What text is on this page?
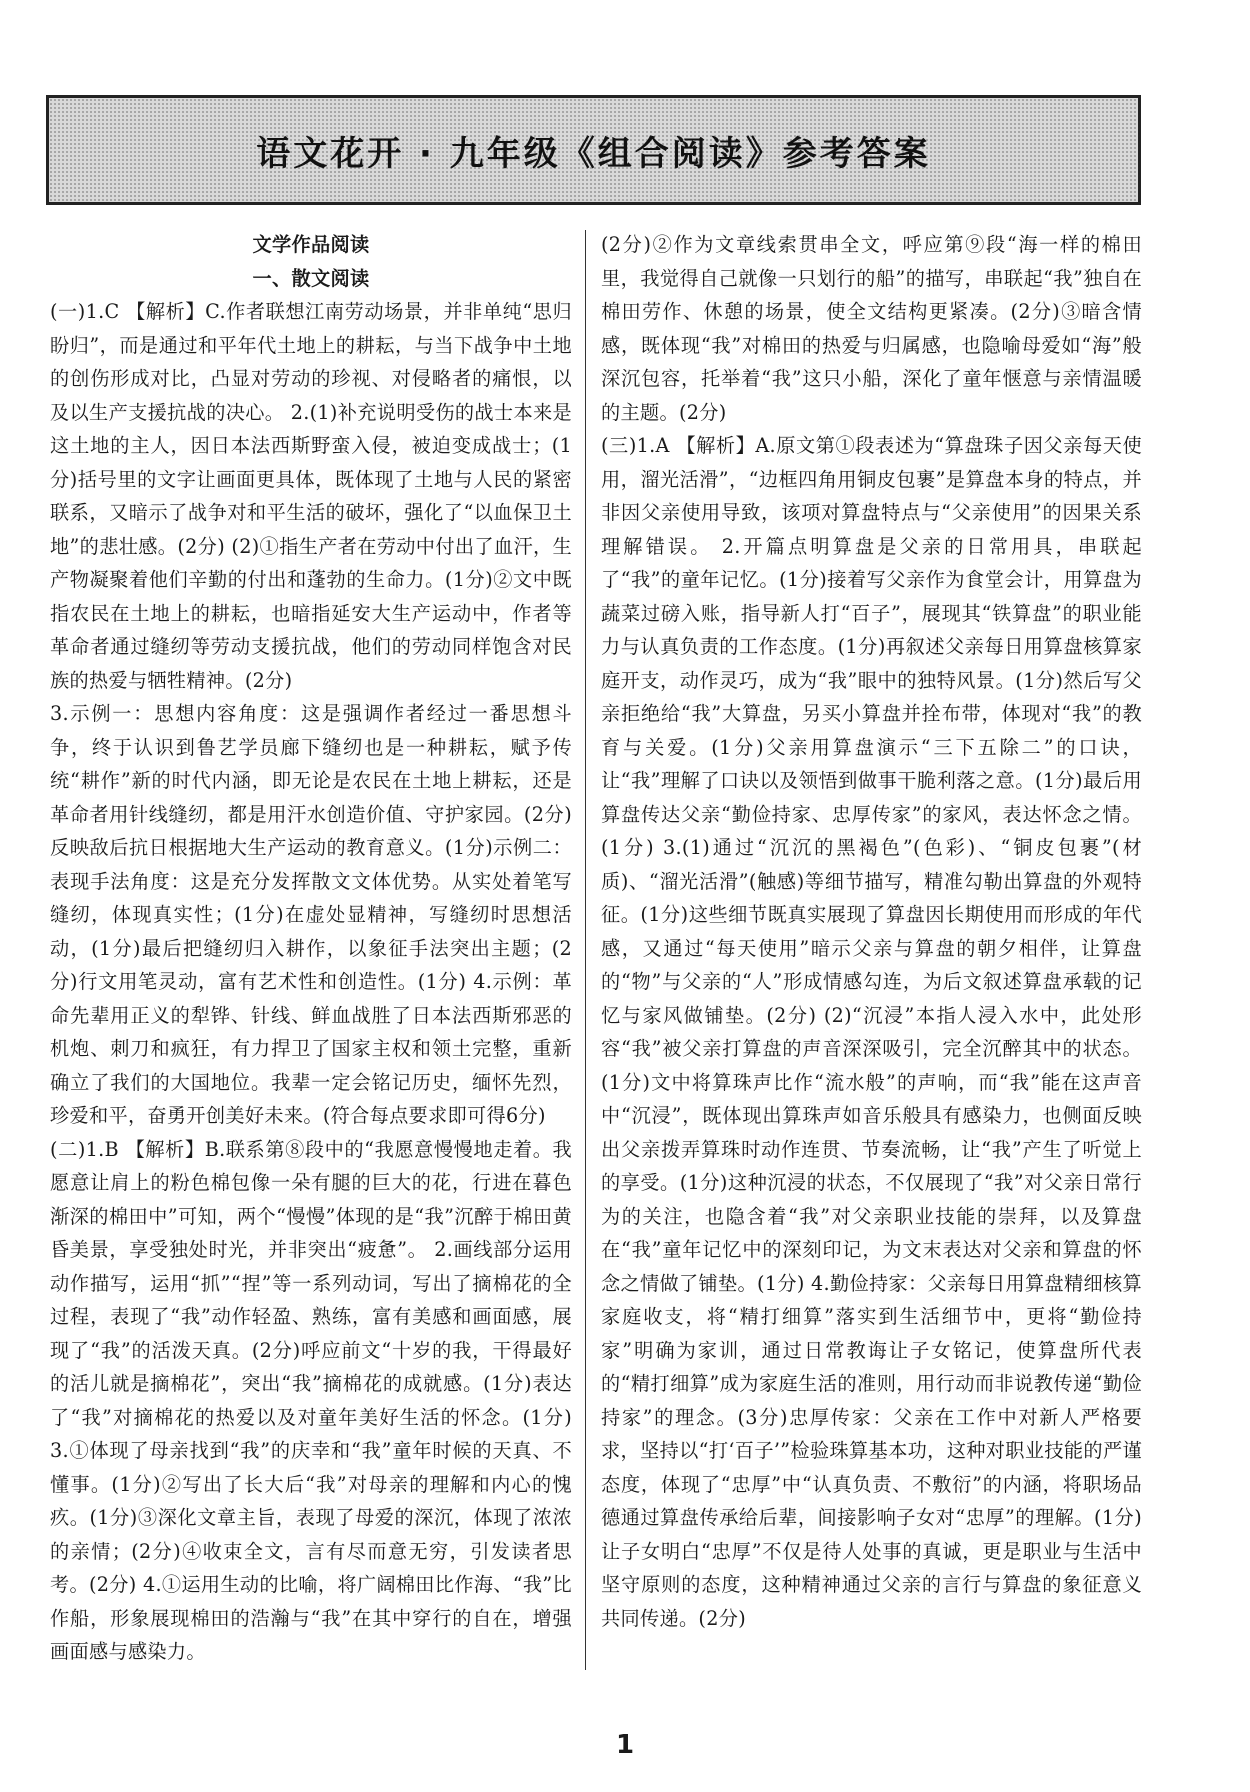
语文花开 · 九年级《组合阅读》参考答案

文学作品阅读

一、散文阅读

(一)1.C 【解析】C.作者联想江南劳动场景，并非单纯“思归盼归”，而是通过和平年代土地上的耕耘，与当下战争中土地的创伤形成对比，凸显对劳动的珍视、对侵略者的痛恨，以及以生产支援抗战的决心。 2.(1)补充说明受伤的战士本来是这土地的主人，因日本法西斯野蛮入侵，被迫变成战士；(1分)括号里的文字让画面更具体，既体现了土地与人民的紧密联系，又暗示了战争对和平生活的破坏，强化了“以血保卫土地”的悲壮感。(2分) (2)①指生产者在劳动中付出了血汗，生产物凝聚着他们辛勤的付出和蓬勃的生命力。(1分)②文中既指农民在土地上的耕耘，也暗指延安大生产运动中，作者等革命者通过缝纫等劳动支援抗战，他们的劳动同样饱含对民族的热爱与牺牲精神。(2分)

3.示例一：思想内容角度：这是强调作者经过一番思想斗争，终于认识到鲁艺学员廊下缝纫也是一种耕耘，赋予传统“耕作”新的时代内涵，即无论是农民在土地上耕耘，还是革命者用针线缝纫，都是用汗水创造价值、守护家园。(2分)反映敌后抗日根据地大生产运动的教育意义。(1分)示例二：表现手法角度：这是充分发挥散文文体优势。从实处着笔写缝纫，体现真实性；(1分)在虚处显精神，写缝纫时思想活动，(1分)最后把缝纫归入耕作，以象征手法突出主题；(2分)行文用笔灵动，富有艺术性和创造性。(1分) 4.示例：革命先辈用正义的犁铧、针线、鲜血战胜了日本法西斯邪恶的机炮、刺刀和疯狂，有力捍卫了国家主权和领土完整，重新确立了我们的大国地位。我辈一定会铭记历史，缅怀先烈，珍爱和平，奋勇开创美好未来。(符合每点要求即可得6分)

(二)1.B 【解析】B.联系第⑧段中的“我愿意慢慢地走着。我愿意让肩上的粉色棉包像一朵有腿的巨大的花，行进在暮色渐深的棉田中”可知，两个“慢慢”体现的是“我”沉醉于棉田黄昏美景，享受独处时光，并非突出“疲惫”。 2.画线部分运用动作描写，运用“抓”“捏”等一系列动词，写出了摘棉花的全过程，表现了“我”动作轻盈、熟练，富有美感和画面感，展现了“我”的活泼天真。(2分)呼应前文“十岁的我，干得最好的活儿就是摘棉花”，突出“我”摘棉花的成就感。(1分)表达了“我”对摘棉花的热爱以及对童年美好生活的怀念。(1分) 3.①体现了母亲找到“我”的庆幸和“我”童年时候的天真、不懂事。(1分)②写出了长大后“我”对母亲的理解和内心的愧疚。(1分)③深化文章主旨，表现了母爱的深沉，体现了浓浓的亲情；(2分)④收束全文，言有尽而意无穷，引发读者思考。(2分) 4.①运用生动的比喻，将广阔棉田比作海、“我”比作船，形象展现棉田的浩瀚与“我”在其中穿行的自在，增强画面感与感染力。

(2分)②作为文章线索贯串全文，呼应第⑨段“海一样的棉田里，我觉得自己就像一只划行的船”的描写，串联起“我”独自在棉田劳作、休憩的场景，使全文结构更紧凑。(2分)③暗含情感，既体现“我”对棉田的热爱与归属感，也隐喻母爱如“海”般深沉包容，托举着“我”这只小船，深化了童年惬意与亲情温暖的主题。(2分)

(三)1.A 【解析】A.原文第①段表述为“算盘珠子因父亲每天使用，溜光活滑”，“边框四角用铜皮包裹”是算盘本身的特点，并非因父亲使用导致，该项对算盘特点与“父亲使用”的因果关系理解错误。 2.开篇点明算盘是父亲的日常用具，串联起了“我”的童年记忆。(1分)接着写父亲作为食堂会计，用算盘为蔬菜过磅入账，指导新人打“百子”，展现其“铁算盘”的职业能力与认真负责的工作态度。(1分)再叙述父亲每日用算盘核算家庭开支，动作灵巧，成为“我”眼中的独特风景。(1分)然后写父亲拒绝给“我”大算盘，另买小算盘并拴布带，体现对“我”的教育与关爱。(1分)父亲用算盘演示“三下五除二”的口诀，让“我”理解了口诀以及领悟到做事干脆利落之意。(1分)最后用算盘传达父亲“勤俭持家、忠厚传家”的家风，表达怀念之情。(1分) 3.(1)通过“沉沉的黑褐色”(色彩)、“铜皮包裹”(材质)、“溜光活滑”(触感)等细节描写，精准勾勒出算盘的外观特征。(1分)这些细节既真实展现了算盘因长期使用而形成的年代感，又通过“每天使用”暗示父亲与算盘的朝夕相伴，让算盘的“物”与父亲的“人”形成情感勾连，为后文叙述算盘承载的记忆与家风做铺垫。(2分) (2)“沉浸”本指人浸入水中，此处形容“我”被父亲打算盘的声音深深吸引，完全沉醉其中的状态。(1分)文中将算珠声比作“流水般”的声响，而“我”能在这声音中“沉浸”，既体现出算珠声如音乐般具有感染力，也侧面反映出父亲拨弄算珠时动作连贯、节奏流畅，让“我”产生了听觉上的享受。(1分)这种沉浸的状态，不仅展现了“我”对父亲日常行为的关注，也隐含着“我”对父亲职业技能的崇拜，以及算盘在“我”童年记忆中的深刻印记，为文末表达对父亲和算盘的怀念之情做了铺垫。(1分) 4.勤俭持家：父亲每日用算盘精细核算家庭收支，将“精打细算”落实到生活细节中，更将“勤俭持家”明确为家训，通过日常教诲让子女铭记，使算盘所代表的“精打细算”成为家庭生活的准则，用行动而非说教传递“勤俭持家”的理念。(3分)忠厚传家：父亲在工作中对新人严格要求，坚持以“打‘百子’”检验珠算基本功，这种对职业技能的严谨态度，体现了“忠厚”中“认真负责、不敷衍”的内涵，将职场品德通过算盘传承给后辈，间接影响子女对“忠厚”的理解。(1分)让子女明白“忠厚”不仅是待人处事的真诚，更是职业与生活中坚守原则的态度，这种精神通过父亲的言行与算盘的象征意义共同传递。(2分)

1
